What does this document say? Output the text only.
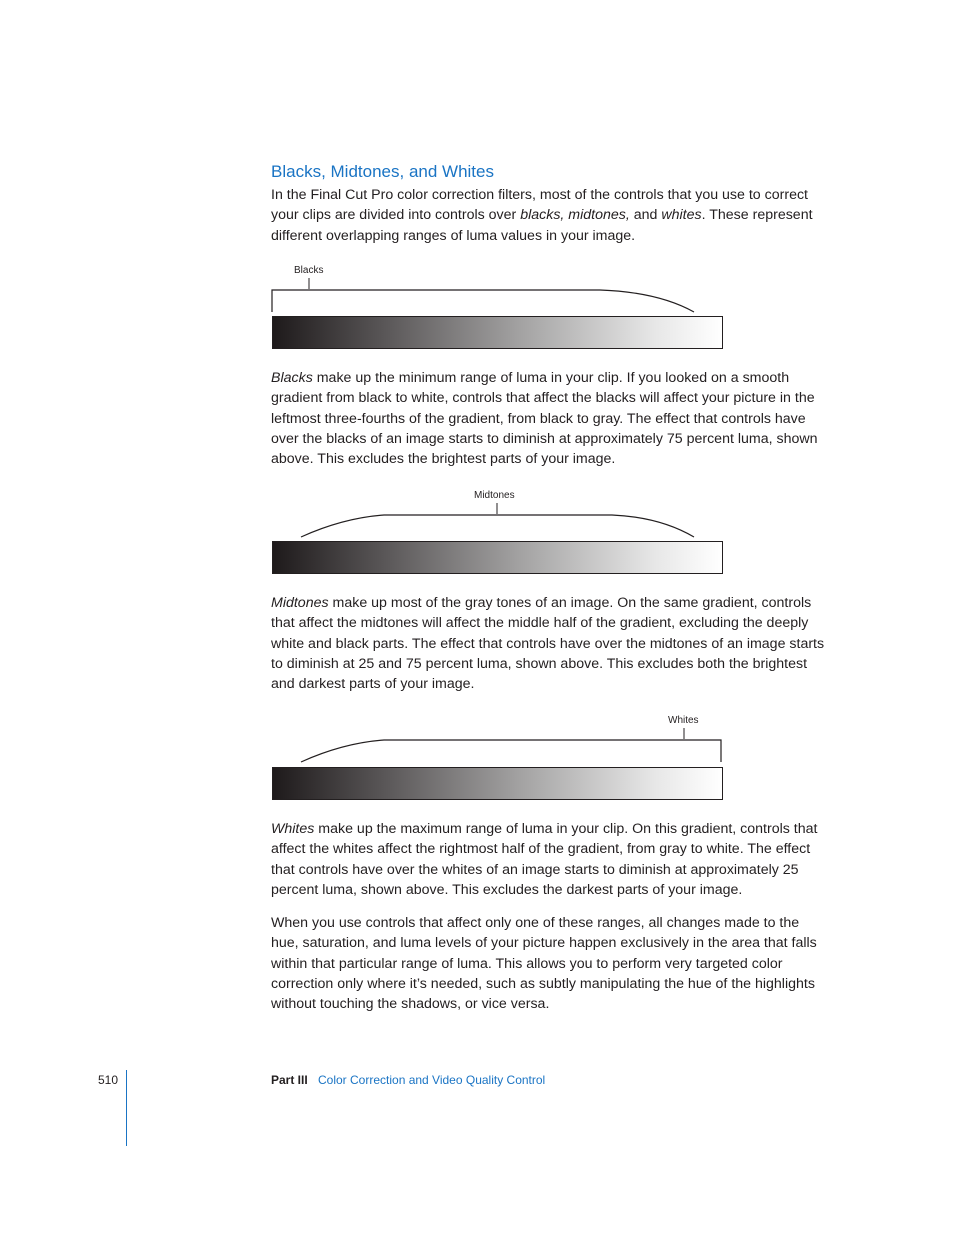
Blacks, Midtones, and Whites

In the Final Cut Pro color correction filters, most of the controls that you use to correct your clips are divided into controls over blacks, midtones, and whites. These represent different overlapping ranges of luma values in your image.

Blacks

Blacks make up the minimum range of luma in your clip. If you looked on a smooth gradient from black to white, controls that affect the blacks will affect your picture in the leftmost three-fourths of the gradient, from black to gray. The effect that controls have over the blacks of an image starts to diminish at approximately 75 percent luma, shown above. This excludes the brightest parts of your image.

Midtones

Midtones make up most of the gray tones of an image. On the same gradient, controls that affect the midtones will affect the middle half of the gradient, excluding the deeply white and black parts. The effect that controls have over the midtones of an image starts to diminish at 25 and 75 percent luma, shown above. This excludes both the brightest and darkest parts of your image.

Whites

Whites make up the maximum range of luma in your clip. On this gradient, controls that affect the whites affect the rightmost half of the gradient, from gray to white. The effect that controls have over the whites of an image starts to diminish at approximately 25 percent luma, shown above. This excludes the darkest parts of your image.

When you use controls that affect only one of these ranges, all changes made to the hue, saturation, and luma levels of your picture happen exclusively in the area that falls within that particular range of luma. This allows you to perform very targeted color correction only where it’s needed, such as subtly manipulating the hue of the highlights without touching the shadows, or vice versa.

510	Part III Color Correction and Video Quality Control
